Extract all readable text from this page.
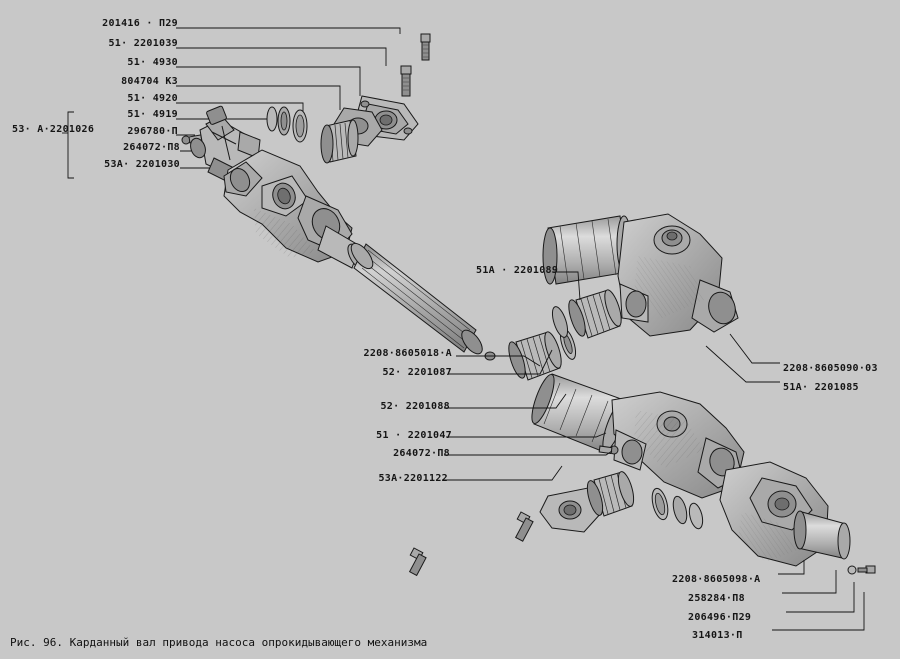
53· A·2201026
201416 · П29
51· 2201039
51· 4930
804704 К3
51· 4920
51· 4919
296780·П
264072·П8
53A· 2201030
51A · 2201089
2208·8605018·A
52· 2201087
52· 2201088
51 · 2201047
264072·П8
53A·2201122
2208·8605090·03
51A· 2201085
2208·8605098·A
258284·П8
206496·П29
314013·П
Рис. 96. Карданный вал привода насоса опрокидывающего механизма
